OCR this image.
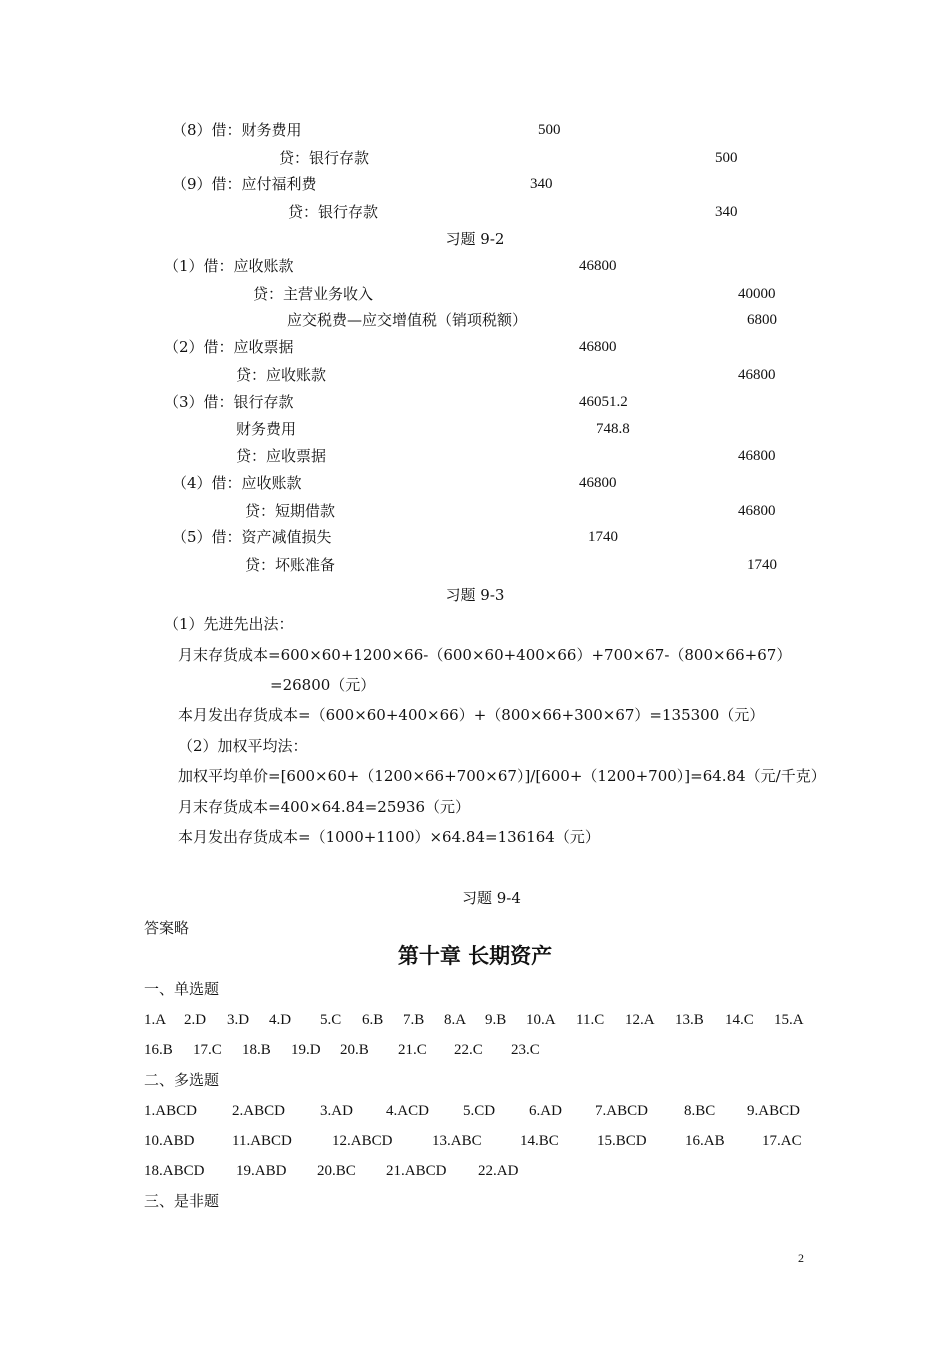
（8）借：财务费用	500
贷：银行存款	500
（9）借：应付福利费	340
贷：银行存款	340
习题 9-2
（1）借：应收账款	46800
贷：主营业务收入	40000
应交税费—应交增值税（销项税额）	6800
（2）借：应收票据	46800
贷：应收账款	46800
（3）借：银行存款	46051.2
财务费用	748.8
贷：应收票据	46800
（4）借：应收账款	46800
贷：短期借款	46800
（5）借：资产减值损失	1740
贷：坏账准备	1740
习题 9-3
（1）先进先出法：
月末存货成本=600×60+1200×66-（600×60+400×66）+700×67-（800×66+67）
=26800（元）
本月发出存货成本=（600×60+400×66）+（800×66+300×67）=135300（元）
（2）加权平均法：
加权平均单价=[600×60+（1200×66+700×67）]/[600+（1200+700）]=64.84（元/千克）
月末存货成本=400×64.84=25936（元）
本月发出存货成本=（1000+1100）×64.84=136164（元）
习题 9-4
答案略
第十章 长期资产
一、单选题
1.A 2.D 3.D 4.D 5.C 6.B 7.B 8.A 9.B 10.A 11.C 12.A 13.B 14.C 15.A
16.B 17.C 18.B 19.D 20.B 21.C 22.C 23.C
二、多选题
1.ABCD 2.ABCD 3.AD 4.ACD 5.CD 6.AD 7.ABCD 8.BC 9.ABCD
10.ABD	11.ABCD	12.ABCD	13.ABC	14.BC	15.BCD	16.AB 17.AC
18.ABCD 19.ABD 20.BC 21.ABCD 22.AD
三、是非题
2
